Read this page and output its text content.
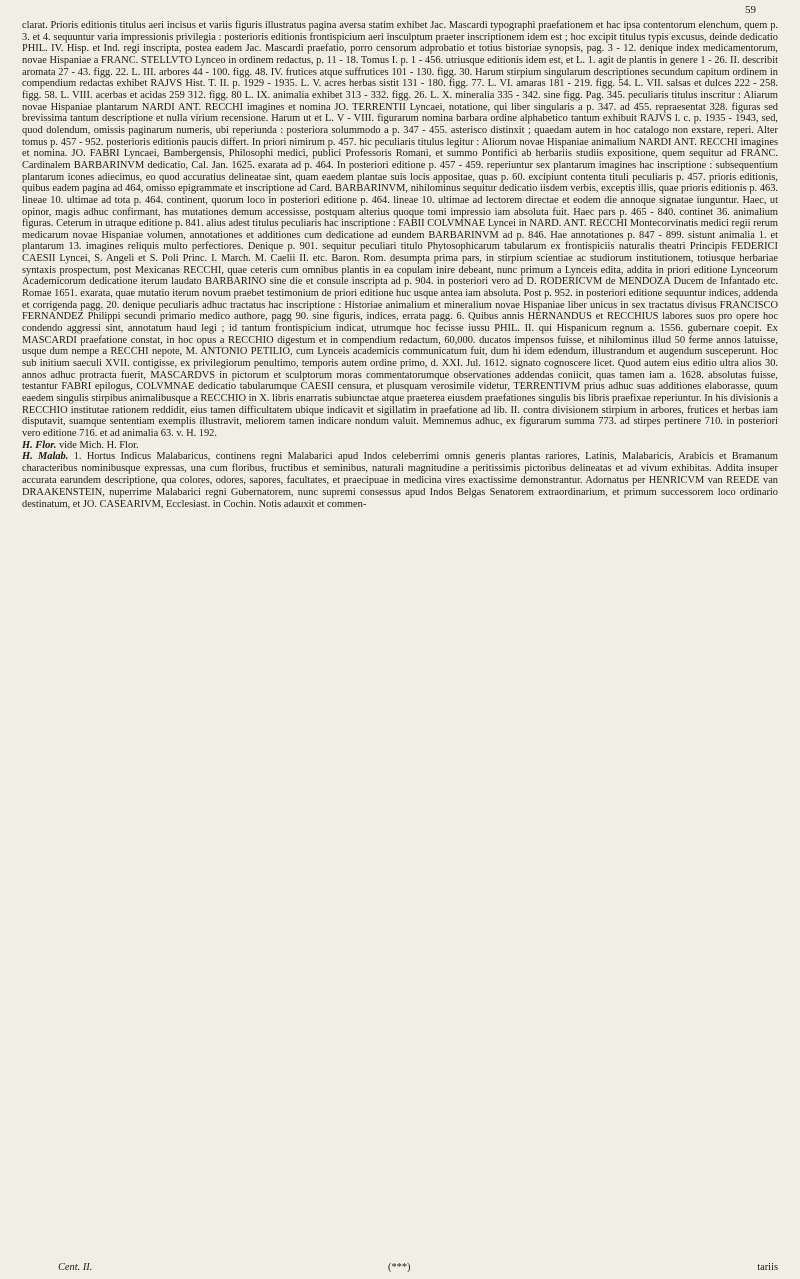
59

clarat. Prioris editionis titulus aeri incisus et variis figuris illustratus pagina aversa statim exhibet Jac. Mascardi typographi praefationem et hac ipsa contentorum elenchum, quem p. 3. et 4. sequuntur varia impressionis privilegia : posterioris editionis frontispicium aeri insculptum praeter inscriptionem idem est ; hoc excipit titulus typis excusus, deinde dedicatio PHIL. IV. Hisp. et Ind. regi inscripta, postea eadem Jac. Mascardi praefatio, porro censorum adprobatio et totius bistoriae synopsis, pag. 3 - 12. denique index medicamentorum, novae Hispaniae a FRANC. STELLVTO Lynceo in ordinem redactus, p. 11 - 18. Tomus I. p. 1 - 456. utriusque editionis idem est, et L. 1. agit de plantis in genere 1 - 26. II. describit aromata 27 - 43. figg. 22. L. III. arbores 44 - 100. figg. 48. IV. frutices atque suffrutices 101 - 130. figg. 30. Harum stirpium singularum descriptiones secundum capitum ordinem in compendium redactas exhibet RAJVS Hist. T. II. p. 1929 - 1935. L. V. acres herbas sistit 131 - 180. figg. 77. L. VI. amaras 181 - 219. figg. 54. L. VII. salsas et dulces 222 - 258. figg. 58. L. VIII. acerbas et acidas 259 312. figg. 80 L. IX. animalia exhibet 313 - 332. figg. 26. L. X. mineralia 335 - 342. sine figg. Pag. 345. peculiaris titulus inscritur : Aliarum novae Hispaniae plantarum NARDI ANT. RECCHI imagines et nomina JO. TERRENTII Lyncaei, notatione, qui liber singularis a p. 347. ad 455. repraesentat 328. figuras sed brevissima tantum descriptione et nulla virium recensione. Harum ut et L. V - VIII. figurarum nomina barbara ordine alphabetico tantum exhibuit RAJVS l. c. p. 1935 - 1943, sed, quod dolendum, omissis paginarum numeris, ubi reperiunda : posteriora solummodo a p. 347 - 455. asterisco distinxit ; quaedam autem in hoc catalogo non exstare, reperi. Alter tomus p. 457 - 952. posterioris editionis paucis differt. In priori nimirum p. 457. hic peculiaris titulus legitur : Aliorum novae Hispaniae animalium NARDI ANT. RECCHI imagines et nomina. JO. FABRI Lyncaei, Bambergensis, Philosophi medici, publici Professoris Romani, et summo Pontifici ab herbariis studiis expositione, quem sequitur ad FRANC. Cardinalem BARBARINVM dedicatio, Cal. Jan. 1625. exarata ad p. 464. In posteriori editione p. 457 - 459. reperiuntur sex plantarum imagines hac inscriptione : subsequentium plantarum icones adiecimus, eo quod accuratius delineatae sint, quam eaedem plantae suis locis appositae, quas p. 60. excipiunt contenta tituli peculiaris p. 457. prioris editionis, quibus eadem pagina ad 464, omisso epigrammate et inscriptione ad Card. BARBARINVM, nihilominus sequitur dedicatio iisdem verbis, exceptis illis, quae prioris editionis p. 463. lineae 10. ultimae ad tota p. 464. continent, quorum loco in posteriori editione p. 464. lineae 10. ultimae ad lectorem directae et eodem die annoque signatae iunguntur. Haec, ut opinor, magis adhuc confirmant, has mutationes demum accessisse, postquam alterius quoque tomi impressio iam absoluta fuit. Haec pars p. 465 - 840. continet 36. animalium figuras. Ceterum in utraque editione p. 841. alius adest titulus peculiaris hac inscriptione : FABII COLVMNAE Lyncei in NARD. ANT. RECCHI Montecorvinatis medici regii rerum medicarum novae Hispaniae volumen, annotationes et additiones cum dedicatione ad eundem BARBARINVM ad p. 846. Hae annotationes p. 847 - 899. sistunt animalia 1. et plantarum 13. imagines reliquis multo perfectiores. Denique p. 901. sequitur peculiari titulo Phytosophicarum tabularum ex frontispiciis naturalis theatri Principis FEDERICI CAESII Lyncei, S. Angeli et S. Poli Princ. I. March. M. Caelii II. etc. Baron. Rom. desumpta prima pars, in stirpium scientiae ac studiorum institutionem, totiusque herbariae syntaxis prospectum, post Mexicanas RECCHI, quae ceteris cum omnibus plantis in ea copulam inire debeant, nunc primum a Lynceis edita, addita in priori editione Lynceorum Academicorum dedicatione iterum laudato BARBARINO sine die et consule inscripta ad p. 904. in posteriori vero ad D. RODERICVM de MENDOZA Ducem de Infantado etc. Romae 1651. exarata, quae mutatio iterum novum praebet testimonium de priori editione huc usque antea iam absoluta. Post p. 952. in posteriori editione sequuntur indices, addenda et corrigenda pagg. 20. denique peculiaris adhuc tractatus hac inscriptione : Historiae animalium et mineralium novae Hispaniae liber unicus in sex tractatus divisus FRANCISCO FERNANDEZ Philippi secundi primario medico authore, pagg 90. sine figuris, indices, errata pagg. 6. Quibus annis HERNANDUS et RECCHIUS labores suos pro opere hoc condendo aggressi sint, annotatum haud legi ; id tantum frontispicium indicat, utrumque hoc fecisse iussu PHIL. II. qui Hispanicum regnum a. 1556. gubernare coepit. Ex MASCARDI praefatione constat, in hoc opus a RECCHIO digestum et in compendium redactum, 60,000. ducatos impensos fuisse, et nihilominus illud 50 ferme annos latuisse, usque dum nempe a RECCHI nepote, M. ANTONIO PETILIO, cum Lynceis academicis communicatum fuit, dum hi idem edendum, illustrandum et augendum susceperunt. Hoc sub initium saeculi XVII. contigisse, ex privilegiorum penultimo, temporis autem ordine primo, d. XXI. Jul. 1612. signato cognoscere licet. Quod autem eius editio ultra alios 30. annos adhuc protracta fuerit, MASCARDVS in pictorum et sculptorum moras commentatorumque observationes addendas coniicit, quas tamen iam a. 1628. absolutas fuisse, testantur FABRI epilogus, COLVMNAE dedicatio tabularumque CAESII censura, et plusquam verosimile videtur, TERRENTIVM prius adhuc suas additiones elaborasse, quum eaedem singulis stirpibus animalibusque a RECCHIO in X. libris enarratis subiunctae atque praeterea eiusdem praefationes singulis bis libris praefixae reperiuntur. In his divisionis a RECCHIO institutae rationem reddidit, eius tamen difficultatem ubique indicavit et sigillatim in praefatione ad lib. II. contra divisionem stirpium in arbores, frutices et herbas iam disputavit, suamque sententiam exemplis illustravit, meliorem tamen indicare nondum valuit. Memnemus adhuc, ex figurarum summa 773. ad stirpes pertinere 710. in posteriori vero editione 716. et ad animalia 63. v. H. 192.

H. Flor. vide Mich. H. Flor.

H. Malab. 1. Hortus Indicus Malabaricus, continens regni Malabarici apud Indos celeberrimi omnis generis plantas rariores, Latinis, Malabaricis, Arabicis et Bramanum characteribus nominibusque expressas, una cum floribus, fructibus et seminibus, naturali magnitudine a peritissimis pictoribus delineatas et ad vivum exhibitas. Addita insuper accurata earundem descriptione, qua colores, odores, sapores, facultates, et praecipuae in medicina vires exactissime demonstrantur. Adornatus per HENRICVM van REEDE van DRAAKENSTEIN, nuperrime Malabarici regni Gubernatorem, nunc supremi consessus apud Indos Belgas Senatorem extraordinarium, et primum successorem loco ordinario destinatum, et JO. CASEARIVM, Ecclesiast. in Cochin. Notis adauxit et commen-

Cent. II.	(***)	tariis
